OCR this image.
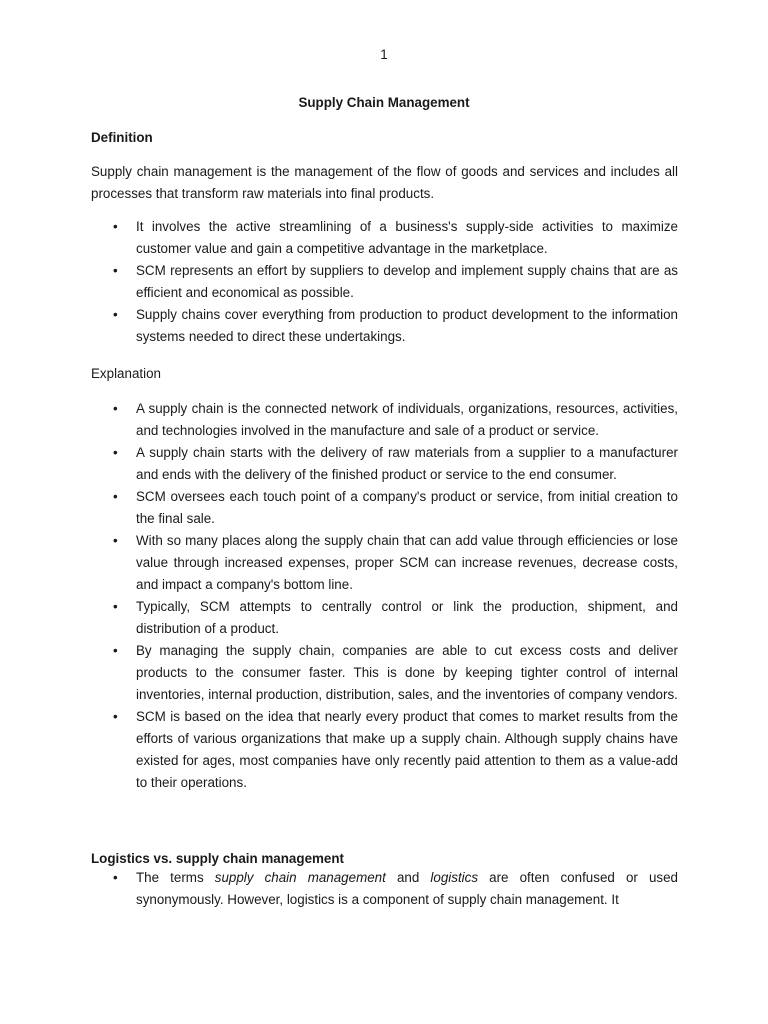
1
Supply Chain Management
Definition

Supply chain management is the management of the flow of goods and services and includes all processes that transform raw materials into final products.

• It involves the active streamlining of a business's supply-side activities to maximize customer value and gain a competitive advantage in the marketplace.
• SCM represents an effort by suppliers to develop and implement supply chains that are as efficient and economical as possible.
• Supply chains cover everything from production to product development to the information systems needed to direct these undertakings.
Explanation
• A supply chain is the connected network of individuals, organizations, resources, activities, and technologies involved in the manufacture and sale of a product or service.
• A supply chain starts with the delivery of raw materials from a supplier to a manufacturer and ends with the delivery of the finished product or service to the end consumer.
• SCM oversees each touch point of a company's product or service, from initial creation to the final sale.
• With so many places along the supply chain that can add value through efficiencies or lose value through increased expenses, proper SCM can increase revenues, decrease costs, and impact a company's bottom line.
• Typically, SCM attempts to centrally control or link the production, shipment, and distribution of a product.
• By managing the supply chain, companies are able to cut excess costs and deliver products to the consumer faster. This is done by keeping tighter control of internal inventories, internal production, distribution, sales, and the inventories of company vendors.
• SCM is based on the idea that nearly every product that comes to market results from the efforts of various organizations that make up a supply chain. Although supply chains have existed for ages, most companies have only recently paid attention to them as a value-add to their operations.
Logistics vs. supply chain management
• The terms supply chain management and logistics are often confused or used synonymously. However, logistics is a component of supply chain management. It
